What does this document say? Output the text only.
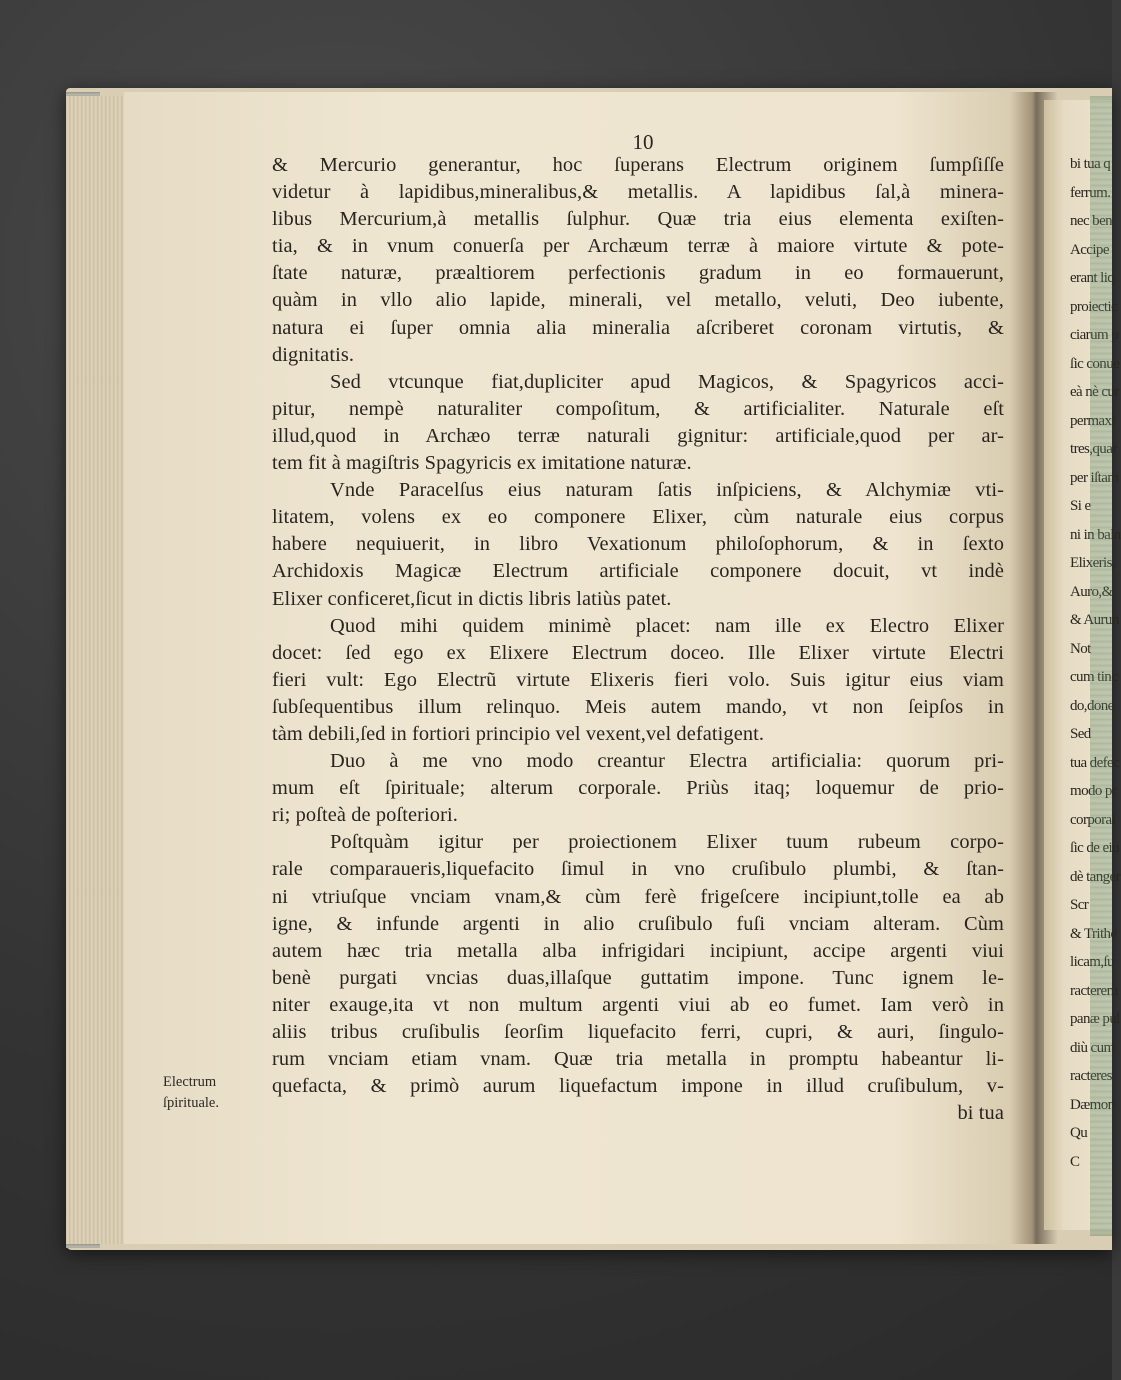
10
Electrum
ſpirituale.
& Mercurio generantur, hoc ſuperans Electrum originem ſumpſiſſe
videtur à lapidibus,mineralibus,& metallis. A lapidibus ſal,à minera-
libus Mercurium,à metallis ſulphur. Quæ tria eius elementa exiſten-
tia, & in vnum conuerſa per Archæum terræ à maiore virtute & pote-
ſtate naturæ, præaltiorem perfectionis gradum in eo formauerunt,
quàm in vllo alio lapide, minerali, vel metallo, veluti, Deo iubente,
natura ei ſuper omnia alia mineralia aſcriberet coronam virtutis, &
dignitatis.
Sed vtcunque fiat,dupliciter apud Magicos, & Spagyricos acci-
pitur, nempè naturaliter compoſitum, & artificialiter. Naturale eſt
illud,quod in Archæo terræ naturali gignitur: artificiale,quod per ar-
tem fit à magiſtris Spagyricis ex imitatione naturæ.
Vnde Paracelſus eius naturam ſatis inſpiciens, & Alchymiæ vti-
litatem, volens ex eo componere Elixer, cùm naturale eius corpus
habere nequiuerit, in libro Vexationum philoſophorum, & in ſexto
Archidoxis Magicæ Electrum artificiale componere docuit, vt indè
Elixer conficeret,ſicut in dictis libris latiùs patet.
Quod mihi quidem minimè placet: nam ille ex Electro Elixer
docet: ſed ego ex Elixere Electrum doceo. Ille Elixer virtute Electri
fieri vult: Ego Electrũ virtute Elixeris fieri volo. Suis igitur eius viam
ſubſequentibus illum relinquo. Meis autem mando, vt non ſeipſos in
tàm debili,ſed in fortiori principio vel vexent,vel defatigent.
Duo à me vno modo creantur Electra artificialia: quorum pri-
mum eſt ſpirituale; alterum corporale. Priùs itaq; loquemur de prio-
ri; poſteà de poſteriori.
Poſtquàm igitur per proiectionem Elixer tuum rubeum corpo-
rale comparaueris,liquefacito ſimul in vno cruſibulo plumbi, & ſtan-
ni vtriuſque vnciam vnam,& cùm ferè frigeſcere incipiunt,tolle ea ab
igne, & infunde argenti in alio cruſibulo fuſi vnciam alteram. Cùm
autem hæc tria metalla alba infrigidari incipiunt, accipe argenti viui
benè purgati vncias duas,illaſque guttatim impone. Tunc ignem le-
niter exauge,ita vt non multum argenti viui ab eo fumet. Iam verò in
aliis tribus cruſibulis ſeorſim liquefacito ferri, cupri, & auri, ſingulo-
rum vnciam etiam vnam. Quæ tria metalla in promptu habeantur li-
quefacta, & primò aurum liquefactum impone in illud cruſibulum, v-
bi tua
bi tua q
ferrum.
nec ben
Accipe
erant liq
proiectic
ciarum p
ſic conue
eà nè cur
permaxi
tres,quar
per iſtam
Si e
ni in baln
Elixeris,
Auro,&
& Aurun
Not
cum tinc
do,done
Sed
tua defec
modo pr
corporal
ſic de eiu
dè tanger
Scr
& Trithe
licam,ſu
racterem
panæ pul
diù cum
racteres
Dæmon
Qu
C
